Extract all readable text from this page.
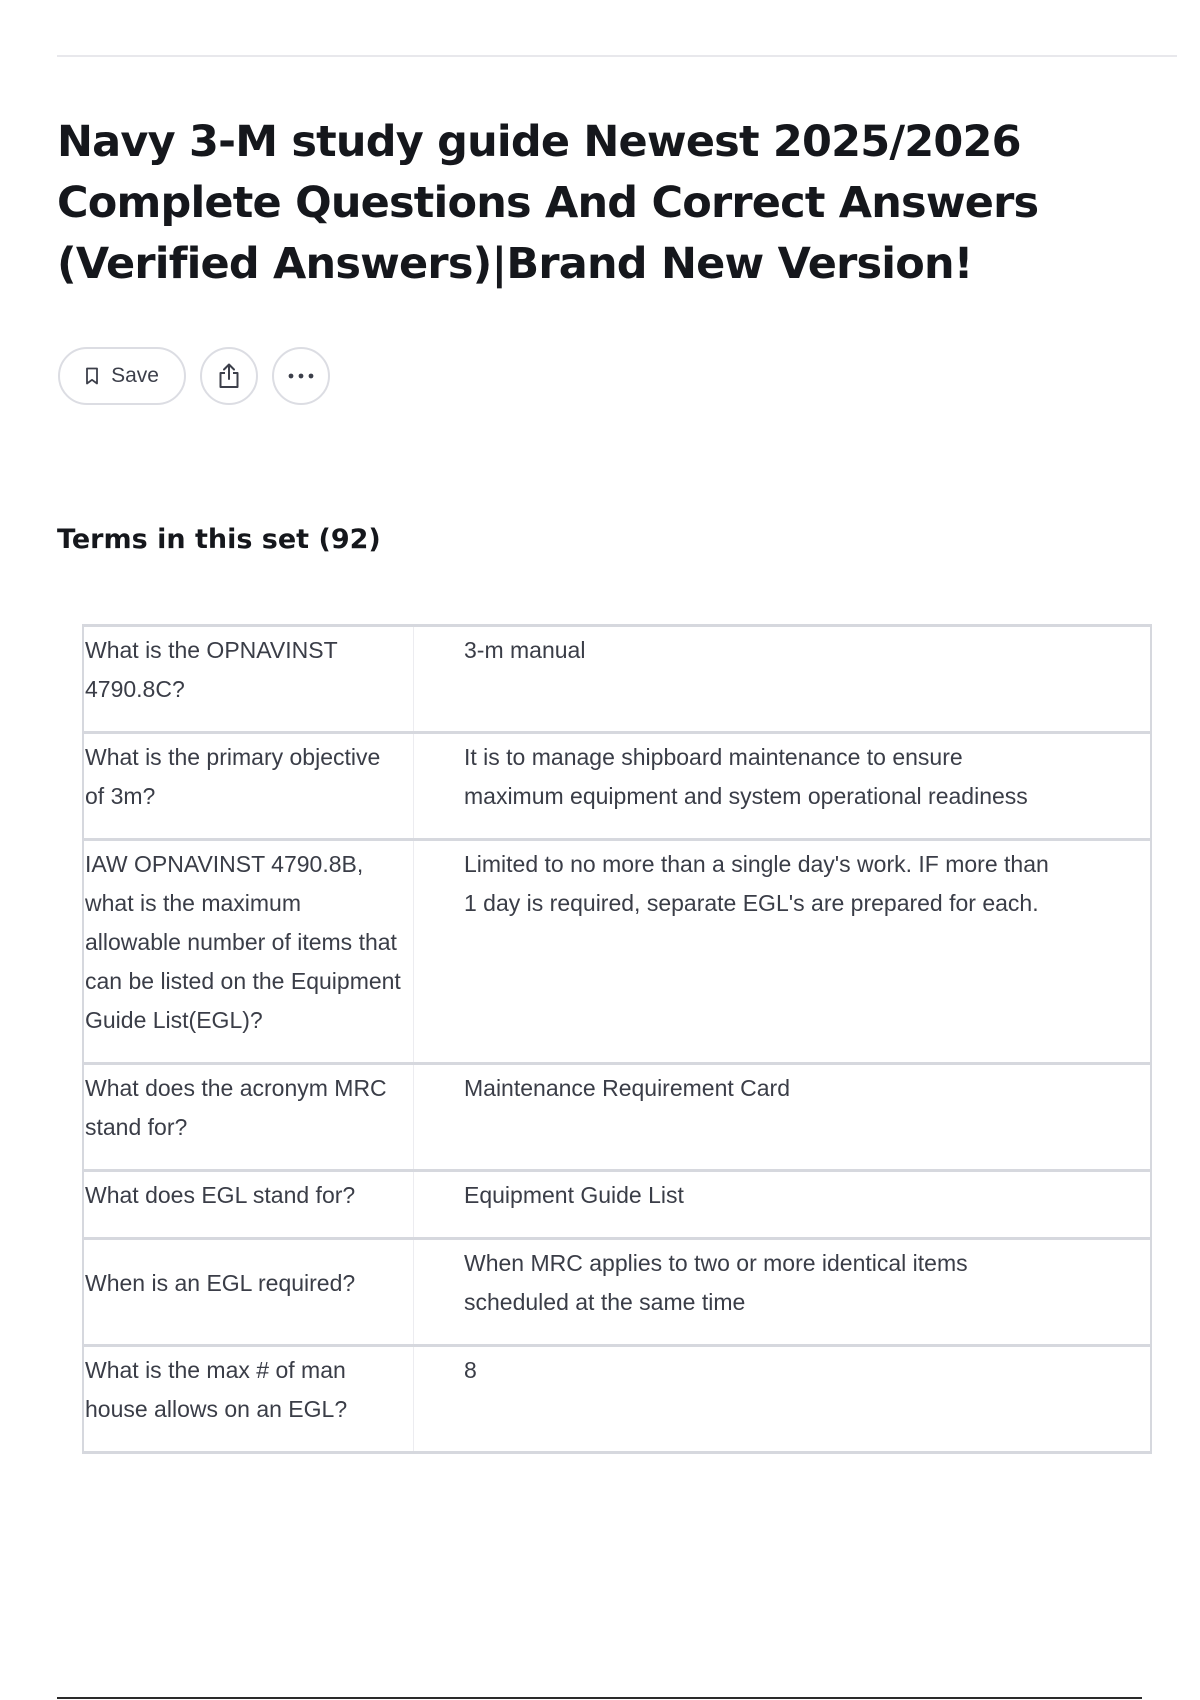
Navy 3-M study guide Newest 2025/2026 Complete Questions And Correct Answers (Verified Answers)|Brand New Version!
Save
Terms in this set (92)
What is the OPNAVINST 4790.8C?	3-m manual
What is the primary objective of 3m?	It is to manage shipboard maintenance to ensure maximum equipment and system operational readiness
IAW OPNAVINST 4790.8B, what is the maximum allowable number of items that can be listed on the Equipment Guide List(EGL)?	Limited to no more than a single day's work. IF more than 1 day is required, separate EGL's are prepared for each.
What does the acronym MRC stand for?	Maintenance Requirement Card
What does EGL stand for?	Equipment Guide List
When is an EGL required?	When MRC applies to two or more identical items scheduled at the same time
What is the max # of man house allows on an EGL?	8
